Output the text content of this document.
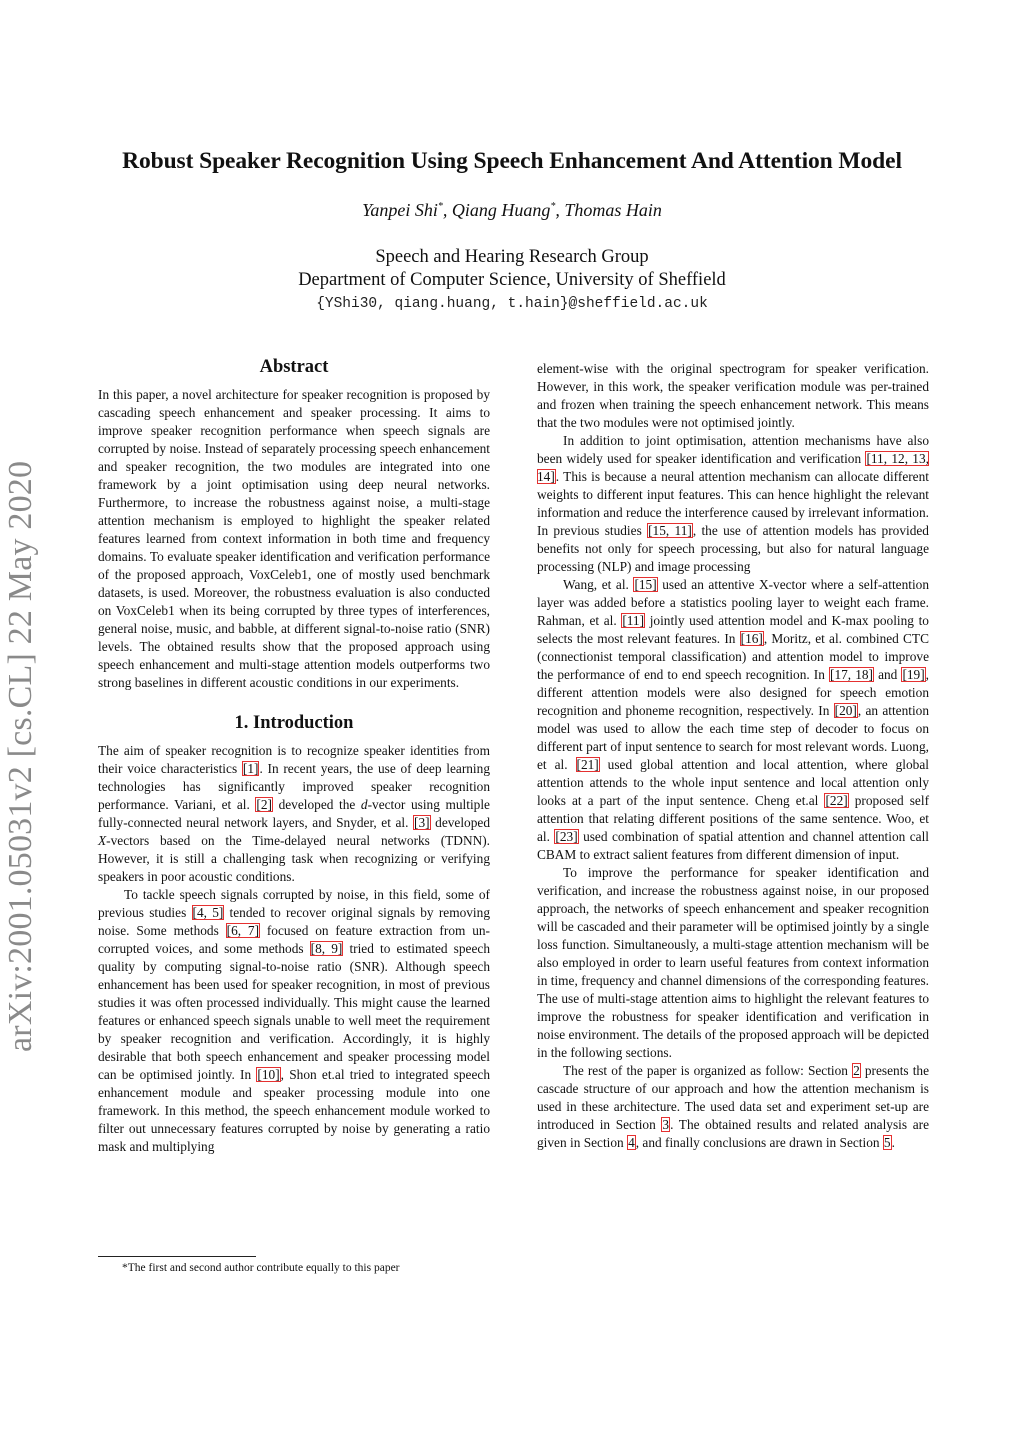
arXiv:2001.05031v2 [cs.CL] 22 May 2020
Robust Speaker Recognition Using Speech Enhancement And Attention Model
Yanpei Shi*, Qiang Huang*, Thomas Hain
Speech and Hearing Research Group
Department of Computer Science, University of Sheffield
{YShi30, qiang.huang, t.hain}@sheffield.ac.uk
Abstract

In this paper, a novel architecture for speaker recognition is proposed by cascading speech enhancement and speaker processing. It aims to improve speaker recognition performance when speech signals are corrupted by noise. Instead of separately processing speech enhancement and speaker recognition, the two modules are integrated into one framework by a joint optimisation using deep neural networks. Furthermore, to increase the robustness against noise, a multi-stage attention mechanism is employed to highlight the speaker related features learned from context information in both time and frequency domains. To evaluate speaker identification and verification performance of the proposed approach, VoxCeleb1, one of mostly used benchmark datasets, is used. Moreover, the robustness evaluation is also conducted on VoxCeleb1 when its being corrupted by three types of interferences, general noise, music, and babble, at different signal-to-noise ratio (SNR) levels. The obtained results show that the proposed approach using speech enhancement and multi-stage attention models outperforms two strong baselines in different acoustic conditions in our experiments.

1. Introduction

The aim of speaker recognition is to recognize speaker identities from their voice characteristics [1]. In recent years, the use of deep learning technologies has significantly improved speaker recognition performance. Variani, et al. [2] developed the d-vector using multiple fully-connected neural network layers, and Snyder, et al. [3] developed X-vectors based on the Time-delayed neural networks (TDNN). However, it is still a challenging task when recognizing or verifying speakers in poor acoustic conditions.

To tackle speech signals corrupted by noise, in this field, some of previous studies [4, 5] tended to recover original signals by removing noise. Some methods [6, 7] focused on feature extraction from un-corrupted voices, and some methods [8, 9] tried to estimated speech quality by computing signal-to-noise ratio (SNR). Although speech enhancement has been used for speaker recognition, in most of previous studies it was often processed individually. This might cause the learned features or enhanced speech signals unable to well meet the requirement by speaker recognition and verification. Accordingly, it is highly desirable that both speech enhancement and speaker processing model can be optimised jointly. In [10], Shon et.al tried to integrated speech enhancement module and speaker processing module into one framework. In this method, the speech enhancement module worked to filter out unnecessary features corrupted by noise by generating a ratio mask and multiplying

*The first and second author contribute equally to this paper

element-wise with the original spectrogram for speaker verification. However, in this work, the speaker verification module was per-trained and frozen when training the speech enhancement network. This means that the two modules were not optimised jointly.

In addition to joint optimisation, attention mechanisms have also been widely used for speaker identification and verification [11, 12, 13, 14]. This is because a neural attention mechanism can allocate different weights to different input features. This can hence highlight the relevant information and reduce the interference caused by irrelevant information. In previous studies [15, 11], the use of attention models has provided benefits not only for speech processing, but also for natural language processing (NLP) and image processing

Wang, et al. [15] used an attentive X-vector where a self-attention layer was added before a statistics pooling layer to weight each frame. Rahman, et al. [11] jointly used attention model and K-max pooling to selects the most relevant features. In [16], Moritz, et al. combined CTC (connectionist temporal classification) and attention model to improve the performance of end to end speech recognition. In [17, 18] and [19], different attention models were also designed for speech emotion recognition and phoneme recognition, respectively. In [20], an attention model was used to allow the each time step of decoder to focus on different part of input sentence to search for most relevant words. Luong, et al. [21] used global attention and local attention, where global attention attends to the whole input sentence and local attention only looks at a part of the input sentence. Cheng et.al [22] proposed self attention that relating different positions of the same sentence. Woo, et al. [23] used combination of spatial attention and channel attention call CBAM to extract salient features from different dimension of input.

To improve the performance for speaker identification and verification, and increase the robustness against noise, in our proposed approach, the networks of speech enhancement and speaker recognition will be cascaded and their parameter will be optimised jointly by a single loss function. Simultaneously, a multi-stage attention mechanism will be also employed in order to learn useful features from context information in time, frequency and channel dimensions of the corresponding features. The use of multi-stage attention aims to highlight the relevant features to improve the robustness for speaker identification and verification in noise environment. The details of the proposed approach will be depicted in the following sections.

The rest of the paper is organized as follow: Section 2 presents the cascade structure of our approach and how the attention mechanism is used in these architecture. The used data set and experiment set-up are introduced in Section 3. The obtained results and related analysis are given in Section 4, and finally conclusions are drawn in Section 5.
